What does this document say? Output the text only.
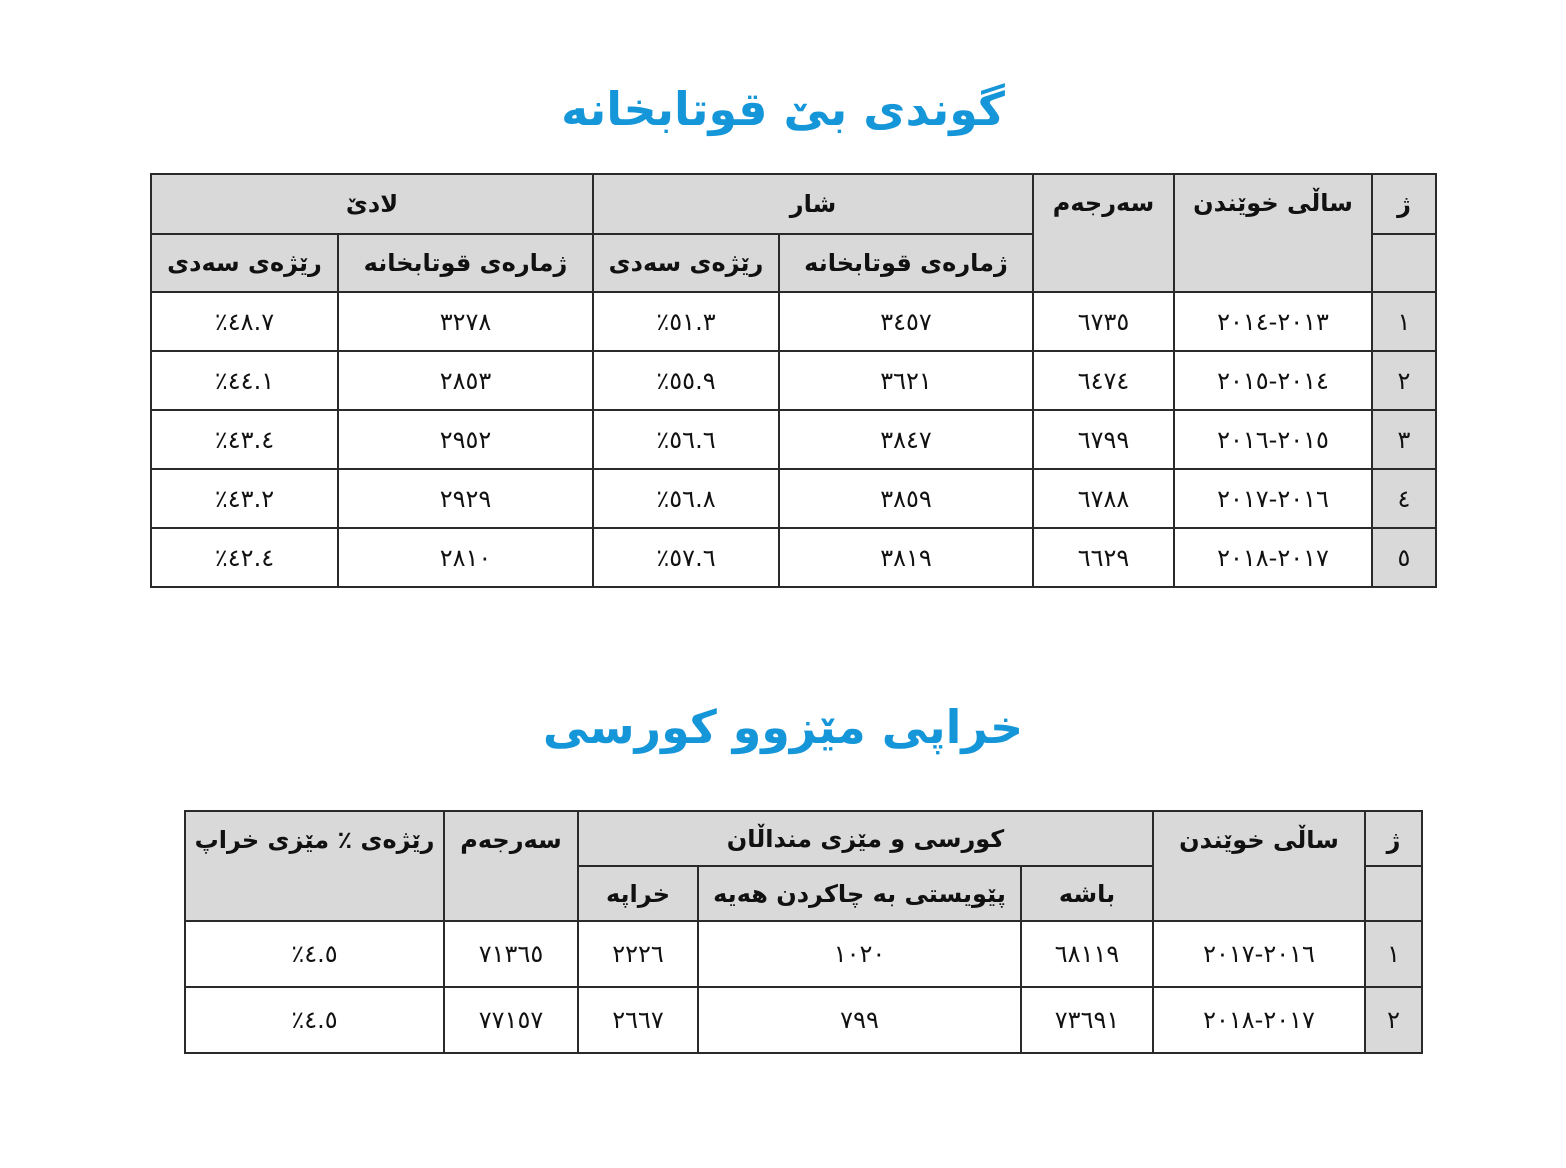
گوندی بێ قوتابخانە
ژ	ساڵی خوێندن	سەرجەم	شار		لادێ	
			ژمارەی قوتابخانە	رێژەی سەدی	ژمارەی قوتابخانە	رێژەی سەدی
١	٢٠١٣-٢٠١٤	٦٧٣٥	٣٤٥٧	٥١.٣٪	٣٢٧٨	٤٨.٧٪
٢	٢٠١٤-٢٠١٥	٦٤٧٤	٣٦٢١	٥٥.٩٪	٢٨٥٣	٤٤.١٪
٣	٢٠١٥-٢٠١٦	٦٧٩٩	٣٨٤٧	٥٦.٦٪	٢٩٥٢	٤٣.٤٪
٤	٢٠١٦-٢٠١٧	٦٧٨٨	٣٨٥٩	٥٦.٨٪	٢٩٢٩	٤٣.٢٪
٥	٢٠١٧-٢٠١٨	٦٦٢٩	٣٨١٩	٥٧.٦٪	٢٨١٠	٤٢.٤٪
خراپی مێزوو کورسی
ژ	ساڵی خوێندن	کورسی و مێزی منداڵان			سەرجەم	رێژەی ٪ مێزی خراپ
		باشه	پێویستی به چاکردن هەیه	خراپه		
١	٢٠١٦-٢٠١٧	٦٨١١٩	١٠٢٠	٢٢٢٦	٧١٣٦٥	٤.٥٪
٢	٢٠١٧-٢٠١٨	٧٣٦٩١	٧٩٩	٢٦٦٧	٧٧١٥٧	٤.٥٪
